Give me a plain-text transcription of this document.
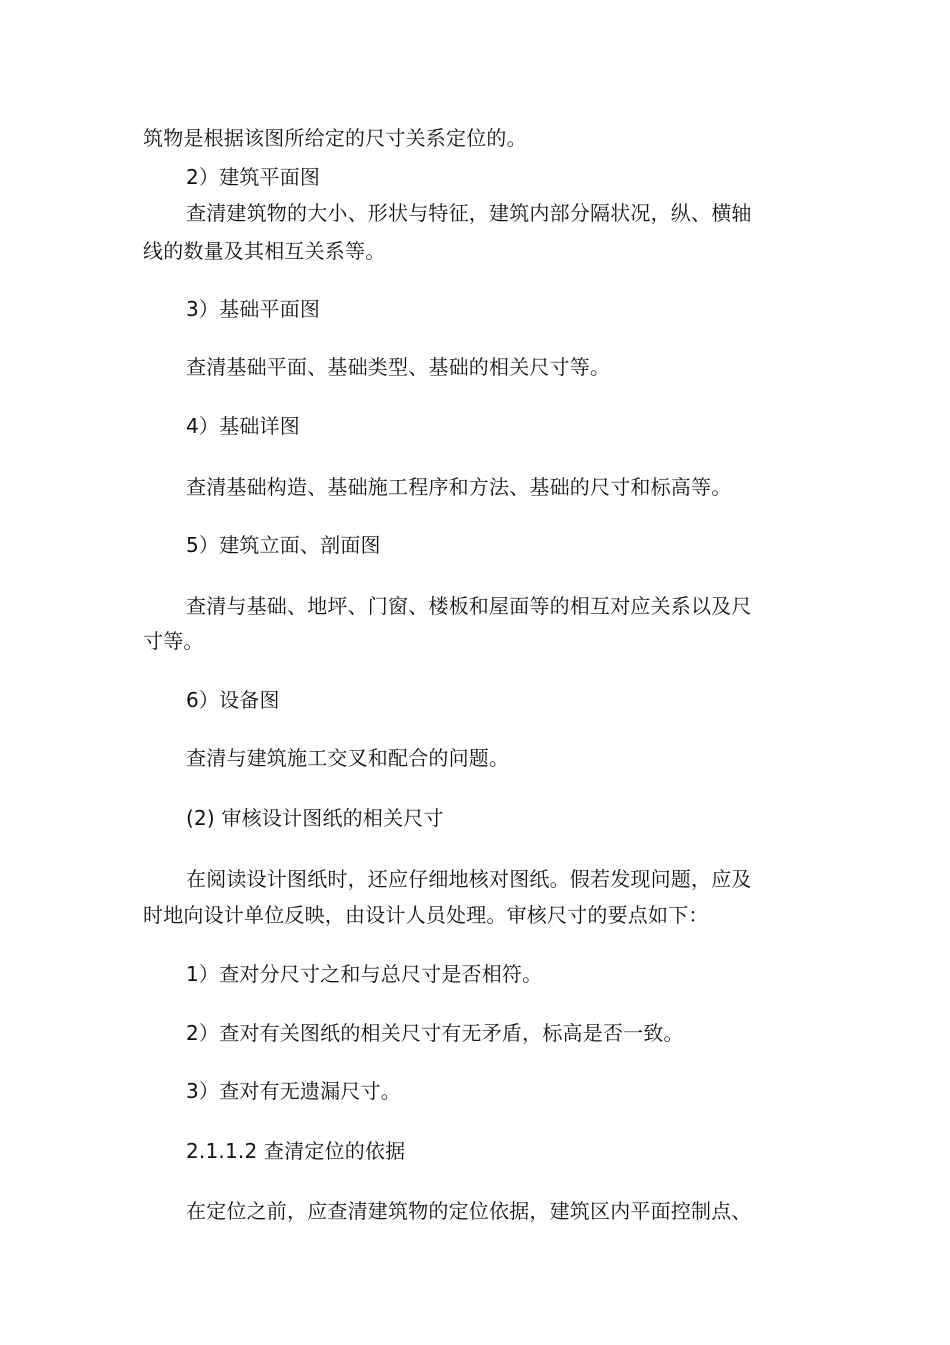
筑物是根据该图所给定的尺寸关系定位的。
2）建筑平面图
查清建筑物的大小、形状与特征，建筑内部分隔状况，纵、横轴
线的数量及其相互关系等。
3）基础平面图
查清基础平面、基础类型、基础的相关尺寸等。
4）基础详图
查清基础构造、基础施工程序和方法、基础的尺寸和标高等。
5）建筑立面、剖面图
查清与基础、地坪、门窗、楼板和屋面等的相互对应关系以及尺
寸等。
6）设备图
查清与建筑施工交叉和配合的问题。
(2) 审核设计图纸的相关尺寸
在阅读设计图纸时，还应仔细地核对图纸。假若发现问题，应及
时地向设计单位反映，由设计人员处理。审核尺寸的要点如下：
1）查对分尺寸之和与总尺寸是否相符。
2）查对有关图纸的相关尺寸有无矛盾，标高是否一致。
3）查对有无遗漏尺寸。
2.1.1.2 查清定位的依据
在定位之前，应查清建筑物的定位依据，建筑区内平面控制点、
